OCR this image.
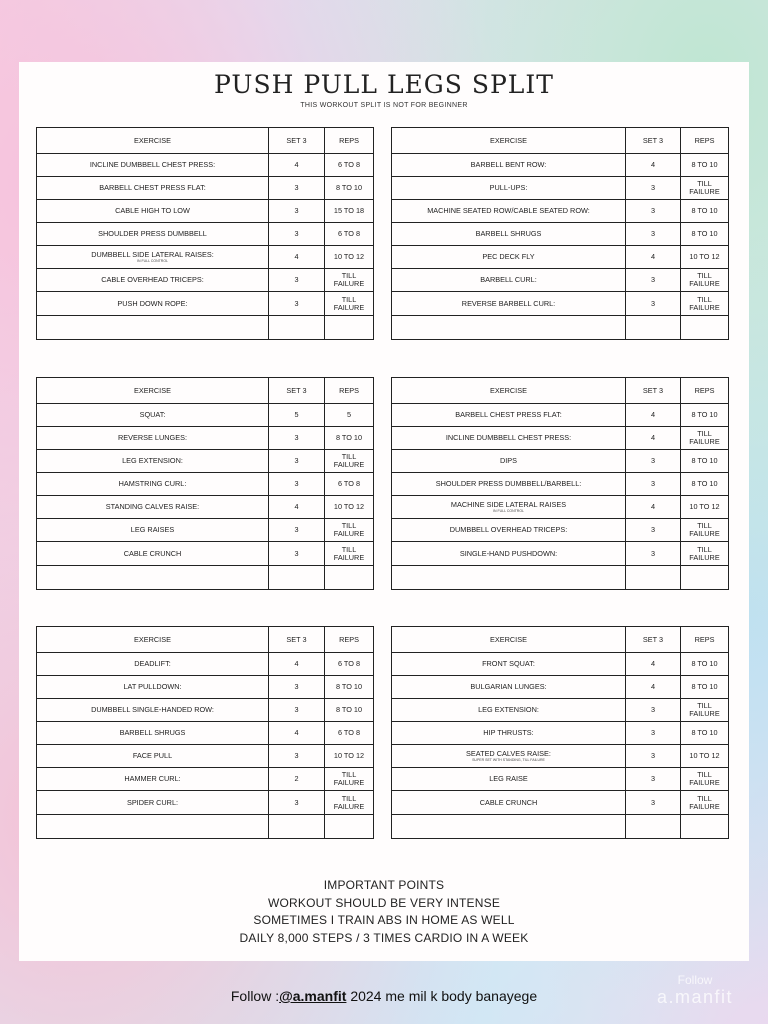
PUSH PULL LEGS SPLIT
THIS WORKOUT SPLIT IS NOT FOR BEGINNER
EXERCISE	SET 3	REPS
INCLINE DUMBBELL CHEST PRESS:	4	6 TO 8
BARBELL CHEST PRESS FLAT:	3	8 TO 10
CABLE HIGH TO LOW	3	15 TO 18
SHOULDER PRESS DUMBBELL	3	6 TO 8
DUMBBELL SIDE LATERAL RAISES:
IN FULL CONTROL	4	10 TO 12
CABLE OVERHEAD TRICEPS:	3	TILL FAILURE
PUSH DOWN ROPE:	3	TILL FAILURE

EXERCISE	SET 3	REPS
BARBELL BENT ROW:	4	8 TO 10
PULL-UPS:	3	TILL FAILURE
MACHINE SEATED ROW/CABLE SEATED ROW:	3	8 TO 10
BARBELL SHRUGS	3	8 TO 10
PEC DECK FLY	4	10 TO 12
BARBELL CURL:	3	TILL FAILURE
REVERSE BARBELL CURL:	3	TILL FAILURE

EXERCISE	SET 3	REPS
SQUAT:	5	5
REVERSE LUNGES:	3	8 TO 10
LEG EXTENSION:	3	TILL FAILURE
HAMSTRING CURL:	3	6 TO 8
STANDING CALVES RAISE:	4	10 TO 12
LEG RAISES	3	TILL FAILURE
CABLE CRUNCH	3	TILL FAILURE

EXERCISE	SET 3	REPS
BARBELL CHEST PRESS FLAT:	4	8 TO 10
INCLINE DUMBBELL CHEST PRESS:	4	TILL FAILURE
DIPS	3	8 TO 10
SHOULDER PRESS DUMBBELL/BARBELL:	3	8 TO 10
MACHINE SIDE LATERAL RAISES
IN FULL CONTROL	4	10 TO 12
DUMBBELL OVERHEAD TRICEPS:	3	TILL FAILURE
SINGLE-HAND PUSHDOWN:	3	TILL FAILURE

EXERCISE	SET 3	REPS
DEADLIFT:	4	6 TO 8
LAT PULLDOWN:	3	8 TO 10
DUMBBELL SINGLE-HANDED ROW:	3	8 TO 10
BARBELL SHRUGS	4	6 TO 8
FACE PULL	3	10 TO 12
HAMMER CURL:	2	TILL FAILURE
SPIDER CURL:	3	TILL FAILURE

EXERCISE	SET 3	REPS
FRONT SQUAT:	4	8 TO 10
BULGARIAN LUNGES:	4	8 TO 10
LEG EXTENSION:	3	TILL FAILURE
HIP THRUSTS:	3	8 TO 10
SEATED CALVES RAISE:
SUPER SET WITH STANDING, TILL FAILURE	3	10 TO 12
LEG RAISE	3	TILL FAILURE
CABLE CRUNCH	3	TILL FAILURE

IMPORTANT POINTS
WORKOUT SHOULD BE VERY INTENSE
SOMETIMES I TRAIN ABS IN HOME AS WELL
DAILY 8,000 STEPS / 3 TIMES CARDIO IN A WEEK
Follow :@a.manfit 2024 me mil k body banayege
Follow
a.manfit
